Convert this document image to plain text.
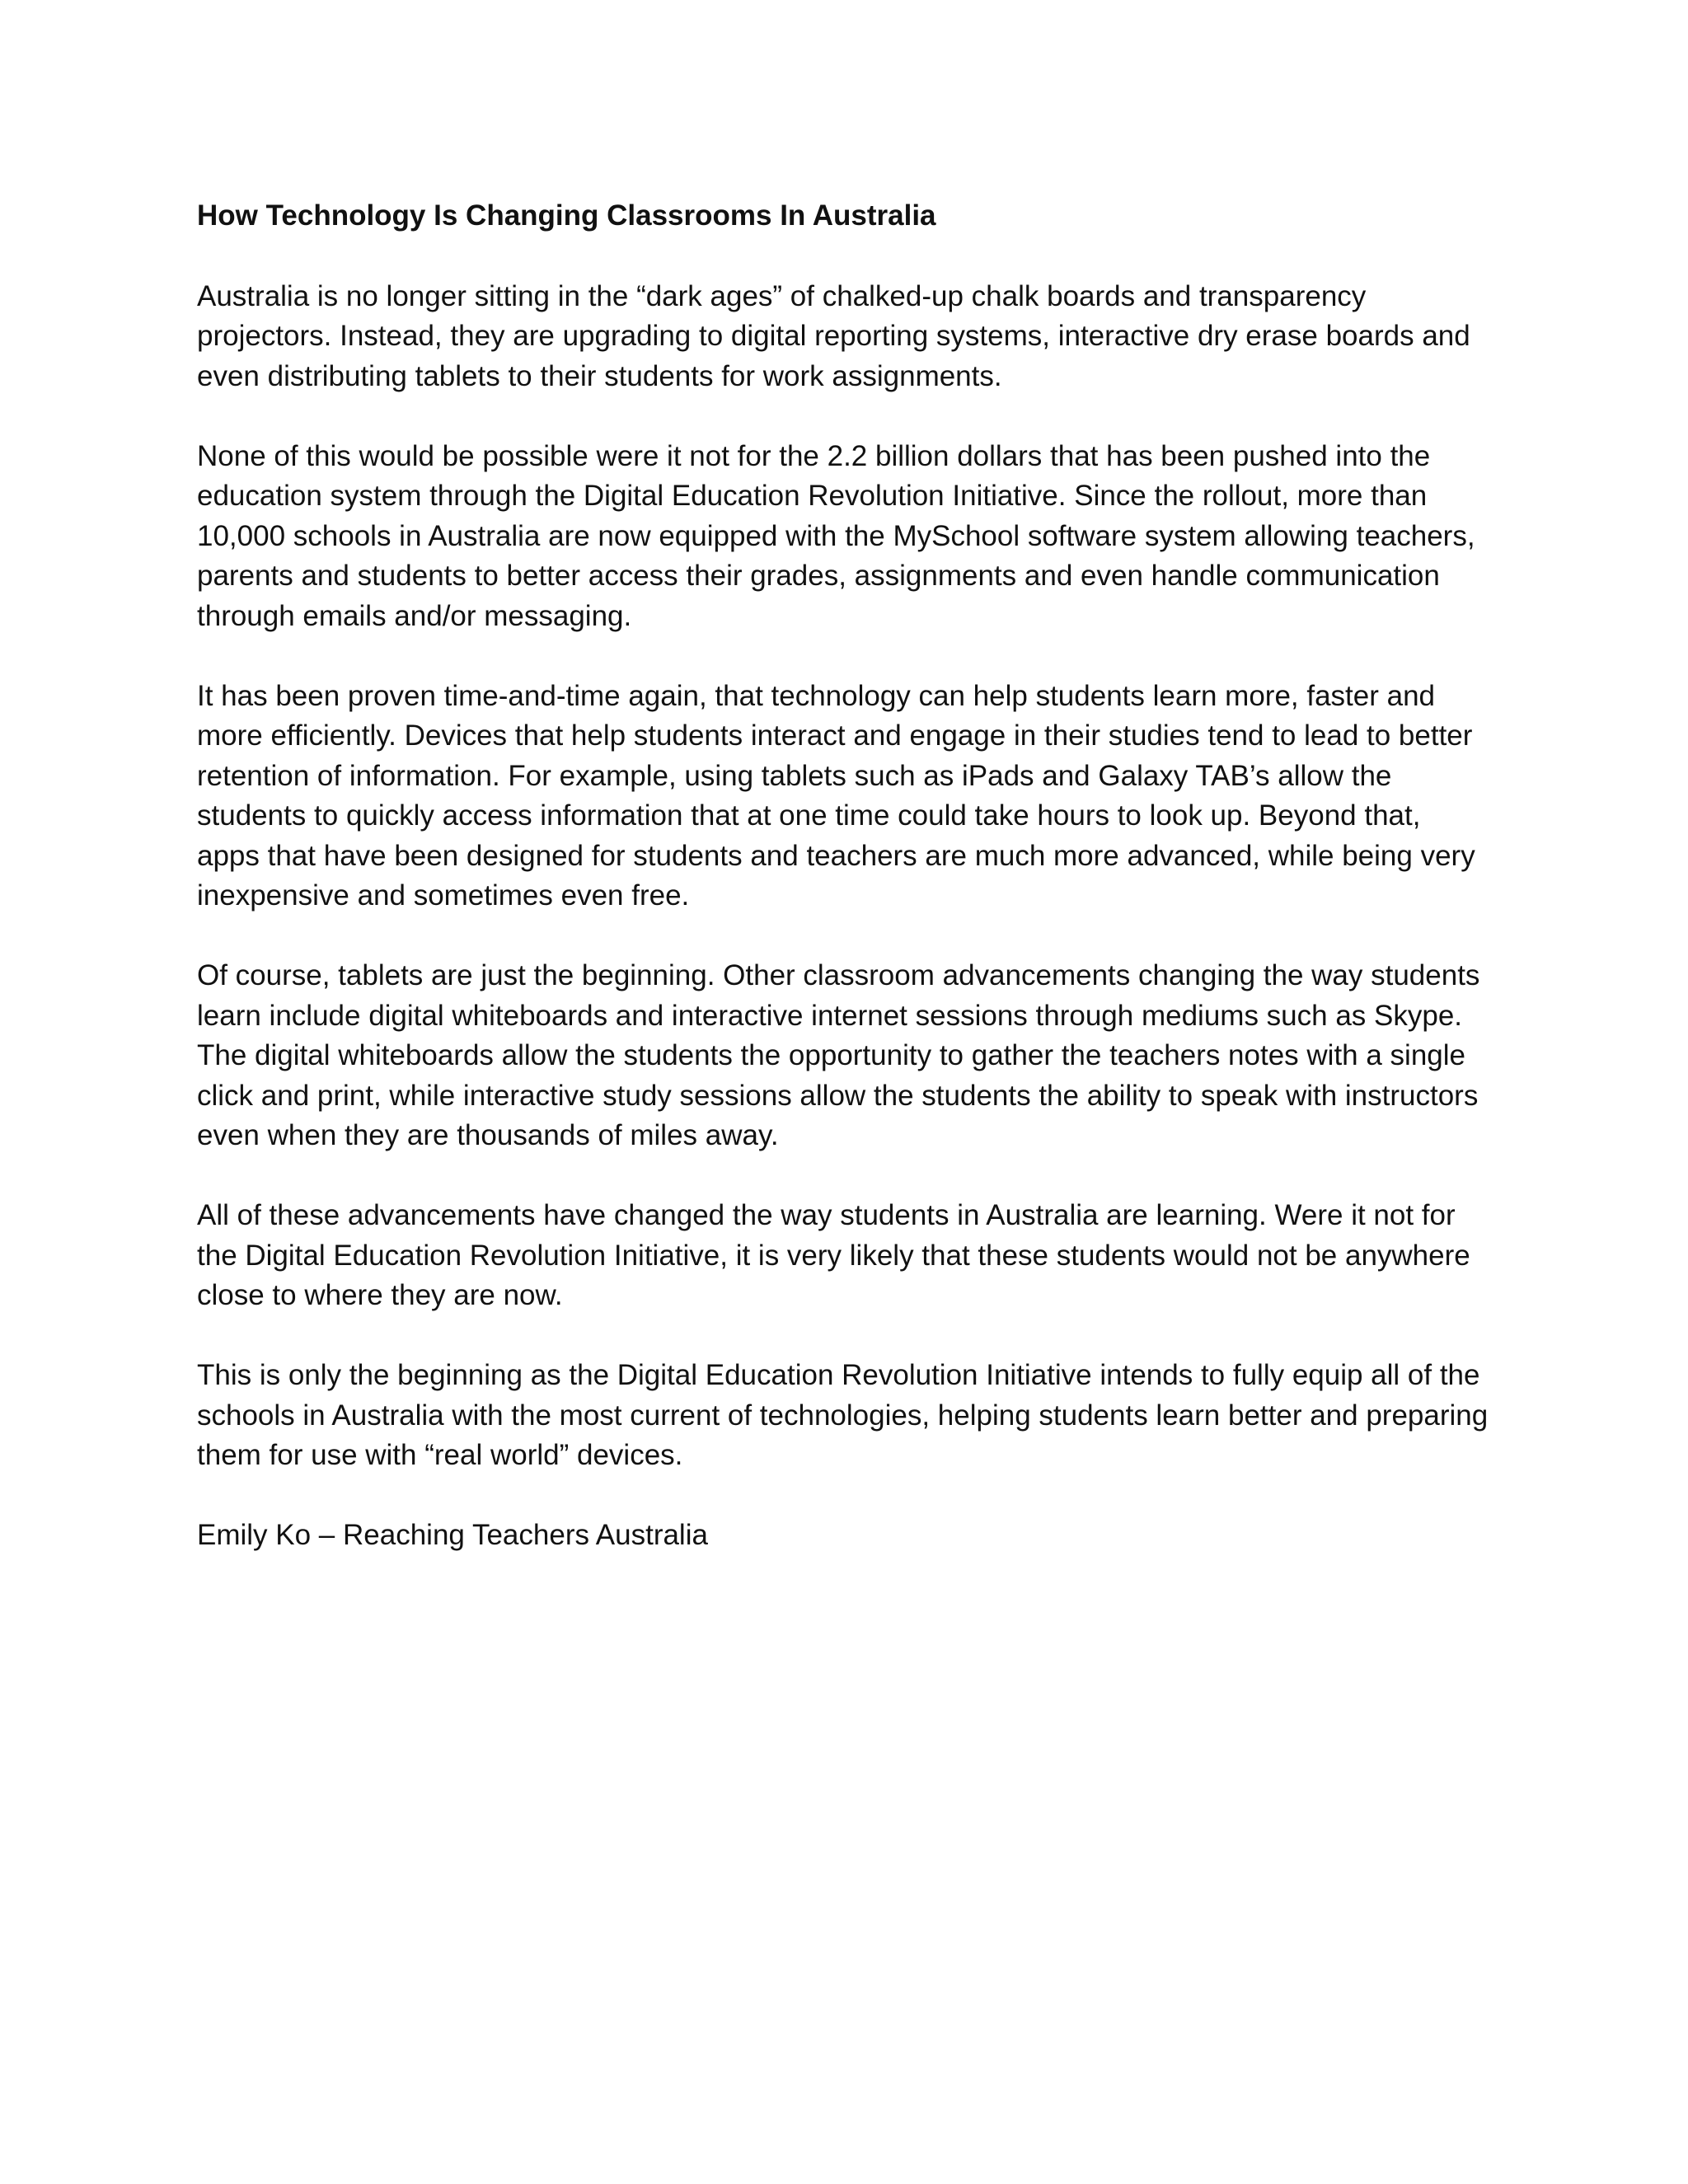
How Technology Is Changing Classrooms In Australia

Australia is no longer sitting in the “dark ages” of chalked-up chalk boards and transparency projectors. Instead, they are upgrading to digital reporting systems, interactive dry erase boards and even distributing tablets to their students for work assignments.

None of this would be possible were it not for the 2.2 billion dollars that has been pushed into the education system through the Digital Education Revolution Initiative. Since the rollout, more than 10,000 schools in Australia are now equipped with the MySchool software system allowing teachers, parents and students to better access their grades, assignments and even handle communication through emails and/or messaging.

It has been proven time-and-time again, that technology can help students learn more, faster and more efficiently. Devices that help students interact and engage in their studies tend to lead to better retention of information. For example, using tablets such as iPads and Galaxy TAB’s allow the students to quickly access information that at one time could take hours to look up. Beyond that, apps that have been designed for students and teachers are much more advanced, while being very inexpensive and sometimes even free.

Of course, tablets are just the beginning. Other classroom advancements changing the way students learn include digital whiteboards and interactive internet sessions through mediums such as Skype. The digital whiteboards allow the students the opportunity to gather the teachers notes with a single click and print, while interactive study sessions allow the students the ability to speak with instructors even when they are thousands of miles away.

All of these advancements have changed the way students in Australia are learning. Were it not for the Digital Education Revolution Initiative, it is very likely that these students would not be anywhere close to where they are now.

This is only the beginning as the Digital Education Revolution Initiative intends to fully equip all of the schools in Australia with the most current of technologies, helping students learn better and preparing them for use with “real world” devices.

Emily Ko – Reaching Teachers Australia
